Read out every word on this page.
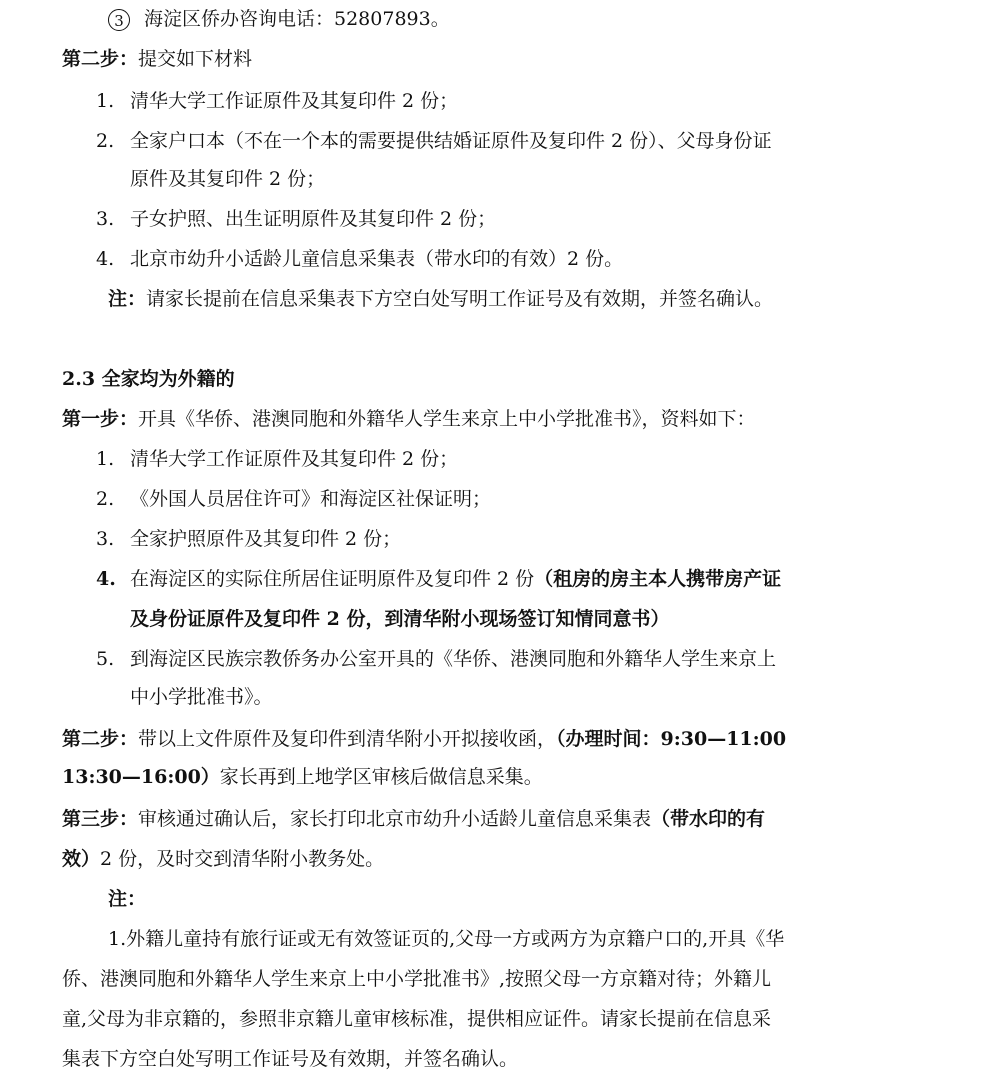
3 海淀区侨办咨询电话：52807893。
第二步：提交如下材料
1. 清华大学工作证原件及其复印件 2 份；
2. 全家户口本（不在一个本的需要提供结婚证原件及复印件 2 份）、父母身份证
原件及其复印件 2 份；
3. 子女护照、出生证明原件及其复印件 2 份；
4. 北京市幼升小适龄儿童信息采集表（带水印的有效）2 份。
注：请家长提前在信息采集表下方空白处写明工作证号及有效期，并签名确认。
2.3 全家均为外籍的
第一步：开具《华侨、港澳同胞和外籍华人学生来京上中小学批准书》，资料如下：
1. 清华大学工作证原件及其复印件 2 份；
2. 《外国人员居住许可》和海淀区社保证明；
3. 全家护照原件及其复印件 2 份；
4. 在海淀区的实际住所居住证明原件及复印件 2 份（租房的房主本人携带房产证
及身份证原件及复印件 2 份，到清华附小现场签订知情同意书）
5. 到海淀区民族宗教侨务办公室开具的《华侨、港澳同胞和外籍华人学生来京上
中小学批准书》。
第二步：带以上文件原件及复印件到清华附小开拟接收函，（办理时间：9:30—11:00
13:30—16:00）家长再到上地学区审核后做信息采集。
第三步：审核通过确认后，家长打印北京市幼升小适龄儿童信息采集表（带水印的有
效）2 份，及时交到清华附小教务处。
注：
1.外籍儿童持有旅行证或无有效签证页的,父母一方或两方为京籍户口的,开具《华
侨、港澳同胞和外籍华人学生来京上中小学批准书》,按照父母一方京籍对待；外籍儿
童,父母为非京籍的，参照非京籍儿童审核标准，提供相应证件。请家长提前在信息采
集表下方空白处写明工作证号及有效期，并签名确认。
